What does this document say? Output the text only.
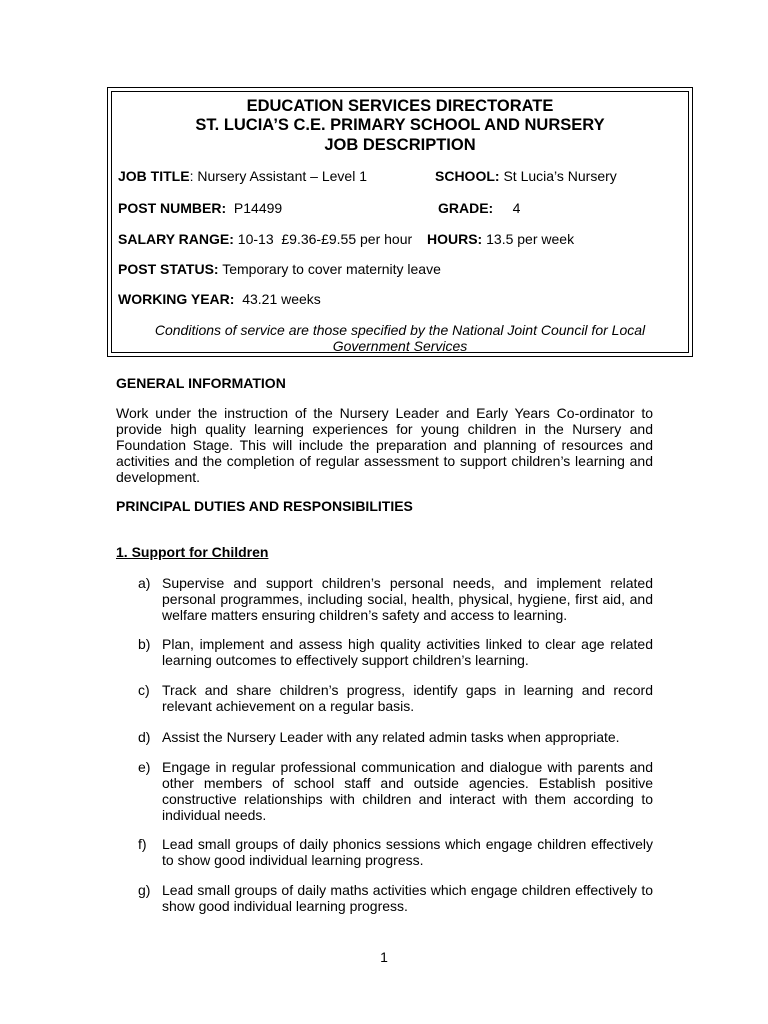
EDUCATION SERVICES DIRECTORATE
ST. LUCIA’S C.E. PRIMARY SCHOOL AND NURSERY
JOB DESCRIPTION
JOB TITLE: Nursery Assistant – Level 1	SCHOOL: St Lucia’s Nursery
POST NUMBER:  P14499	GRADE:     4
SALARY RANGE: 10-13  £9.36-£9.55 per hour HOURS: 13.5 per week
POST STATUS: Temporary to cover maternity leave
WORKING YEAR:  43.21 weeks
Conditions of service are those specified by the National Joint Council for Local
Government Services
GENERAL INFORMATION
Work under the instruction of the Nursery Leader and Early Years Co-ordinator to provide high quality learning experiences for young children in the Nursery and Foundation Stage. This will include the preparation and planning of resources and activities and the completion of regular assessment to support children’s learning and development.
PRINCIPAL DUTIES AND RESPONSIBILITIES
1. Support for Children
a) Supervise and support children’s personal needs, and implement related personal programmes, including social, health, physical, hygiene, first aid, and welfare matters ensuring children’s safety and access to learning.
b) Plan, implement and assess high quality activities linked to clear age related learning outcomes to effectively support children’s learning.
c) Track and share children’s progress, identify gaps in learning and record relevant achievement on a regular basis.
d) Assist the Nursery Leader with any related admin tasks when appropriate.
e) Engage in regular professional communication and dialogue with parents and other members of school staff and outside agencies. Establish positive constructive relationships with children and interact with them according to individual needs.
f)	Lead small groups of daily phonics sessions which engage children effectively to show good individual learning progress.
g) Lead small groups of daily maths activities which engage children effectively to show good individual learning progress.
1
